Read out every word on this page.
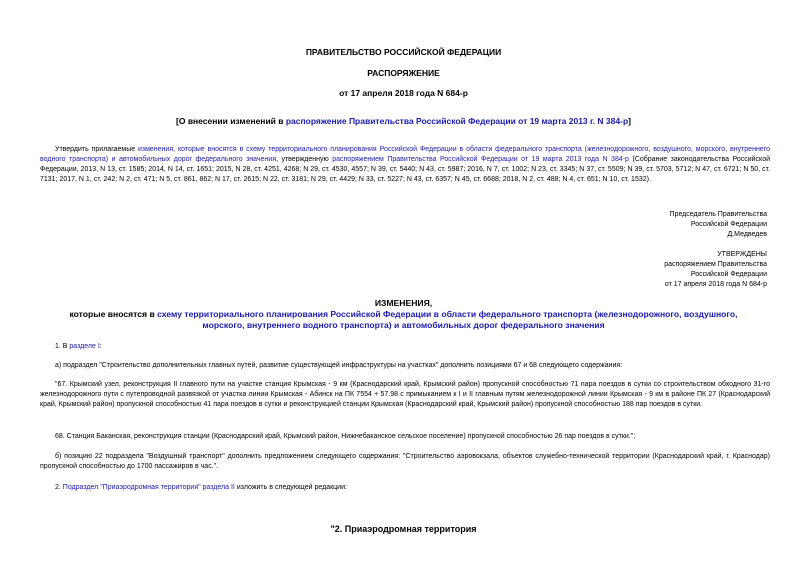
ПРАВИТЕЛЬСТВО РОССИЙСКОЙ ФЕДЕРАЦИИ
РАСПОРЯЖЕНИЕ
от 17 апреля 2018 года N 684-р
[О внесении изменений в распоряжение Правительства Российской Федерации от 19 марта 2013 г. N 384-р]
Утвердить прилагаемые изменения, которые вносятся в схему территориального планирования Российской Федерации в области федерального транспорта (железнодорожного, воздушного, морского, внутреннего водного транспорта) и автомобильных дорог федерального значения, утвержденную распоряжением Правительства Российской Федерации от 19 марта 2013 года N 384-р (Собрание законодательства Российской Федерации, 2013, N 13, ст. 1585; 2014, N 14, ст. 1651; 2015, N 28, ст. 4251, 4268; N 29, ст. 4530, 4557; N 39, ст. 5440; N 43, ст. 5987; 2016, N 7, ст. 1002; N 23, ст. 3345; N 37, ст. 5509; N 39, ст. 5703, 5712; N 47, ст. 6721; N 50, ст. 7131; 2017, N 1, ст. 242; N 2, ст. 471; N 5, ст. 861, 862; N 17, ст. 2615; N 22, ст. 3181; N 29, ст. 4429; N 33, ст. 5227; N 43, ст. 6357; N 45, ст. 6688; 2018, N 2, ст. 488; N 4, ст. 651; N 10, ст. 1532).
Председатель Правительства
Российской Федерации
Д.Медведев
УТВЕРЖДЕНЫ
распоряжением Правительства
Российской Федерации
от 17 апреля 2018 года N 684-р
ИЗМЕНЕНИЯ,
которые вносятся в схему территориального планирования Российской Федерации в области федерального транспорта (железнодорожного, воздушного, морского, внутреннего водного транспорта) и автомобильных дорог федерального значения
1. В разделе I:
а) подраздел "Строительство дополнительных главных путей, развитие существующей инфраструктуры на участках" дополнить позициями 67 и 68 следующего содержания:
"67. Крымский узел, реконструкция II главного пути на участке станция Крымская - 9 км (Краснодарский край, Крымский район) пропускной способностью 71 пара поездов в сутки со строительством обходного 31-го железнодорожного пути с путепроводной развязкой от участка линии Крымская - Абинск на ПК 7554 + 57.98 с примыканием к I и II главным путям железнодорожной линии Крымская - 9 км в районе ПК 27 (Краснодарский край, Крымский район) пропускной способностью 41 пара поездов в сутки и реконструкцией станции Крымская (Краснодарский край, Крымский район) пропускной способностью 188 пар поездов в сутки.
68. Станция Баканская, реконструкция станции (Краснодарский край, Крымский район, Нижнебаканское сельское поселение) пропускной способностью 26 пар поездов в сутки.";
б) позицию 22 подраздела "Воздушный транспорт" дополнить предложением следующего содержания: "Строительство аэровокзала, объектов служебно-технической территории (Краснодарский край, г. Краснодар) пропускной способностью до 1700 пассажиров в час.".
2. Подраздел "Приаэродромная территория" раздела II изложить в следующей редакции:
"2. Приаэродромная территория
